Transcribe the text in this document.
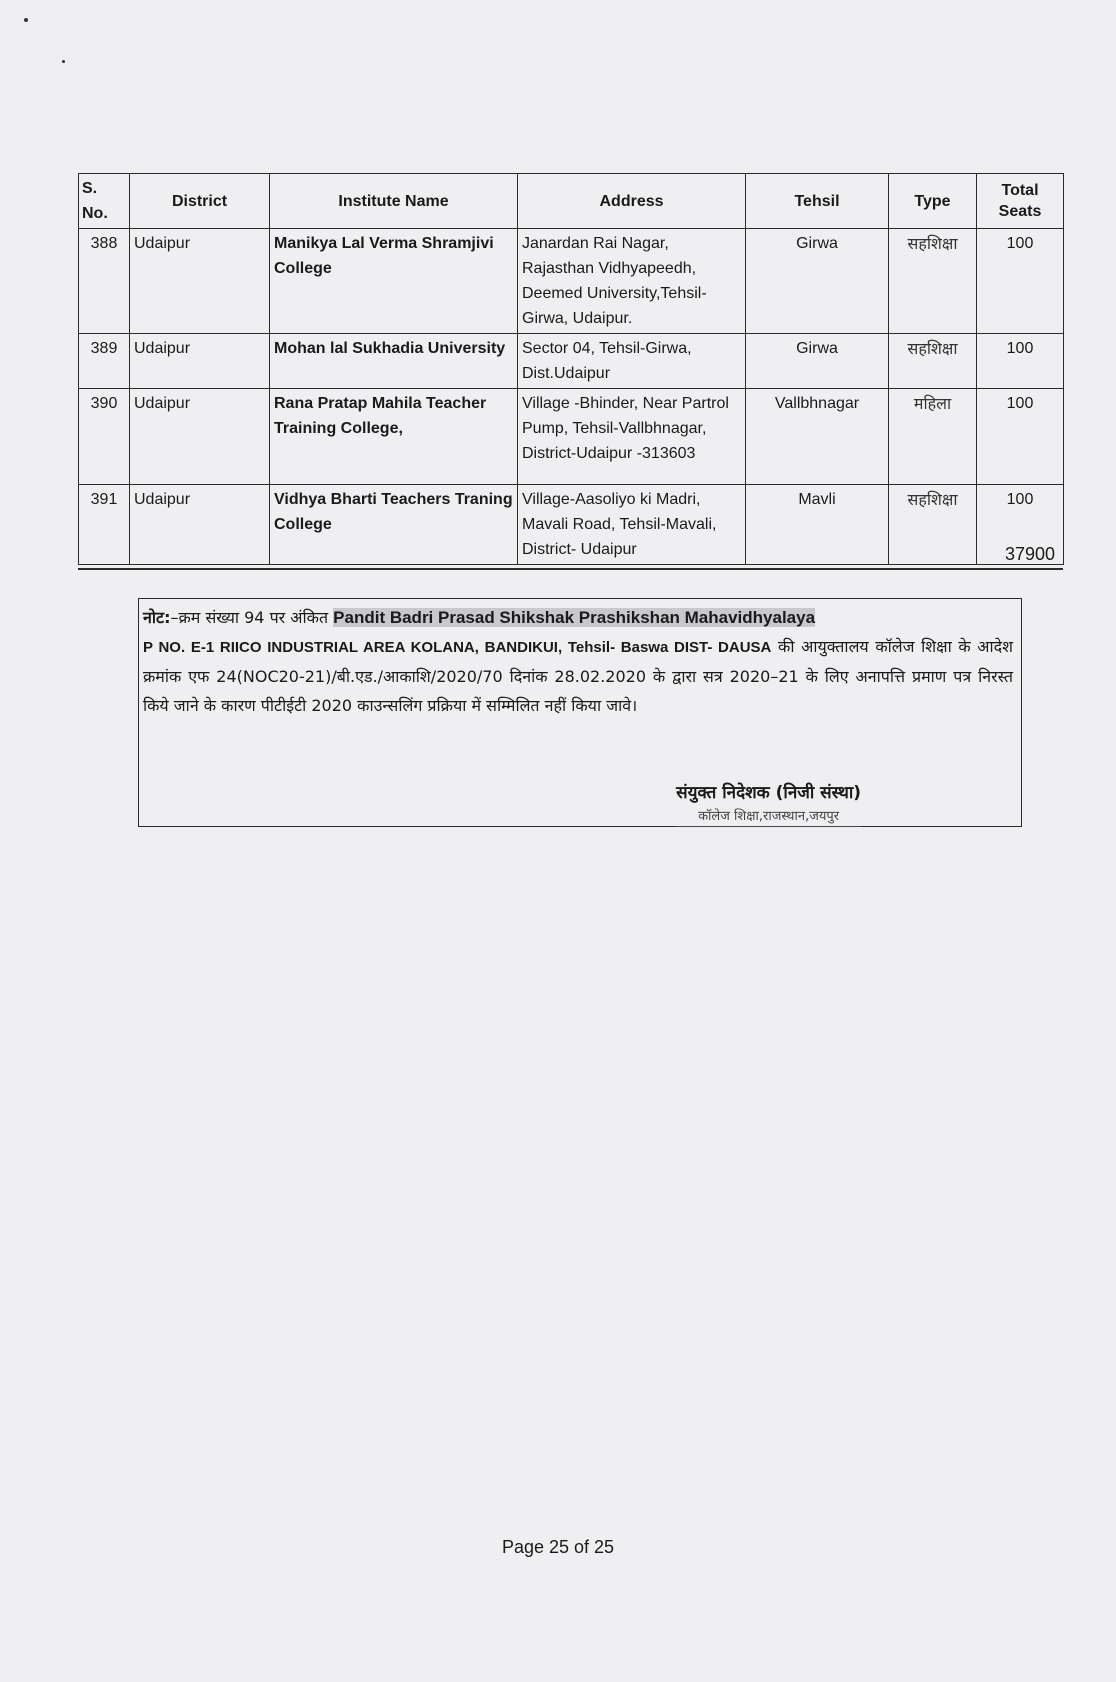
S. No.	District	Institute Name	Address	Tehsil	Type	Total Seats
388	Udaipur	Manikya Lal Verma Shramjivi College	Janardan Rai Nagar, Rajasthan Vidhyapeedh, Deemed University,Tehsil-Girwa, Udaipur.	Girwa	सहशिक्षा	100
389	Udaipur	Mohan lal Sukhadia University	Sector 04, Tehsil-Girwa, Dist.Udaipur	Girwa	सहशिक्षा	100
390	Udaipur	Rana Pratap Mahila Teacher Training College,	Village -Bhinder, Near Partrol Pump, Tehsil-Vallbhnagar, District-Udaipur -313603	Vallbhnagar	महिला	100
391	Udaipur	Vidhya Bharti Teachers Traning College	Village-Aasoliyo ki Madri, Mavali Road, Tehsil-Mavali, District- Udaipur	Mavli	सहशिक्षा	100
37900
नोट:–क्रम संख्या 94 पर अंकित Pandit Badri Prasad Shikshak Prashikshan Mahavidhyalaya
P NO. E-1 RIICO INDUSTRIAL AREA KOLANA, BANDIKUI, Tehsil- Baswa DIST- DAUSA की आयुक्तालय कॉलेज शिक्षा के आदेश क्रमांक एफ 24(NOC20-21)/बी.एड./आकाशि/2020/70 दिनांक 28.02.2020 के द्वारा सत्र 2020–21 के लिए अनापत्ति प्रमाण पत्र निरस्त किये जाने के कारण पीटीईटी 2020 काउन्सलिंग प्रक्रिया में सम्मिलित नहीं किया जावे।
संयुक्त निदेशक (निजी संस्था)
कॉलेज शिक्षा,राजस्थान,जयपुर
Page 25 of 25
